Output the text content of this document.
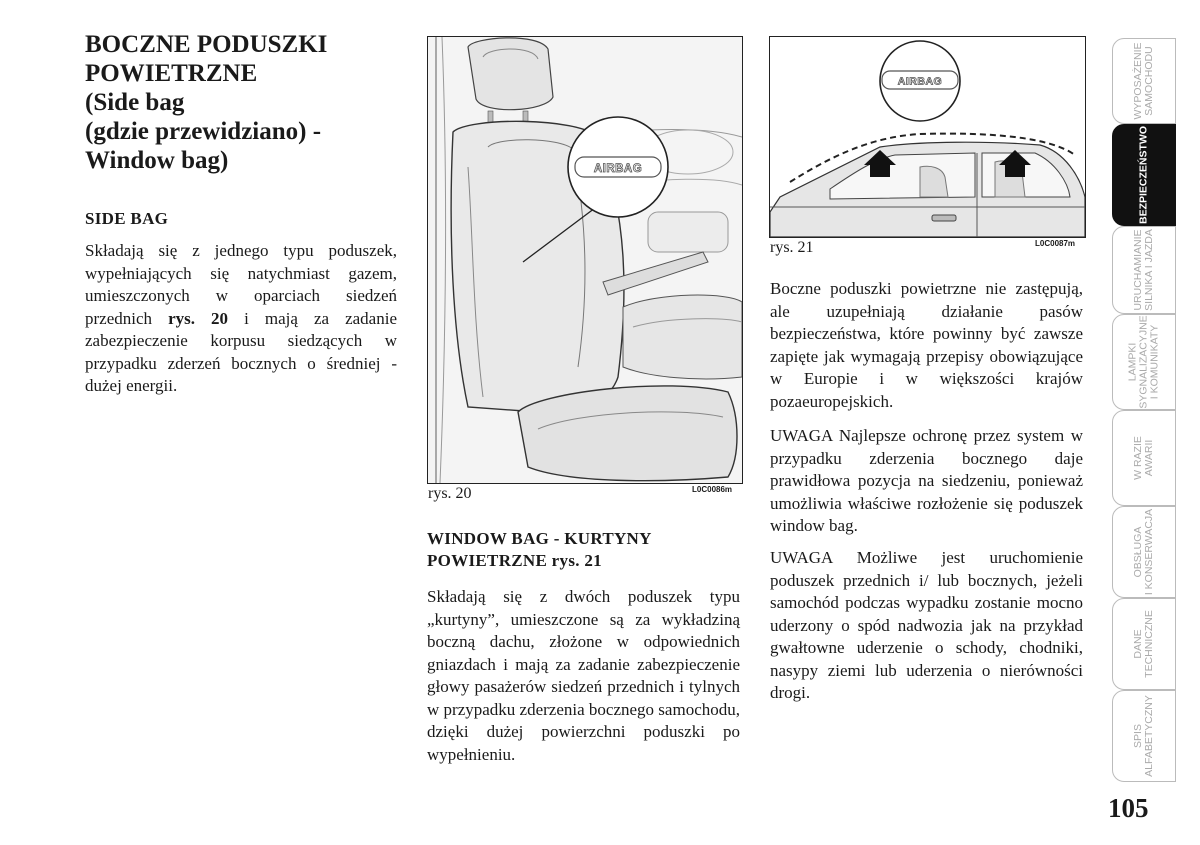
BOCZNE PODUSZKI
POWIETRZNE
(Side bag
(gdzie przewidziano) -
Window bag)
SIDE BAG

Składają się z jednego typu poduszek, wypełniających się natychmiast gazem, umieszczonych w oparciach siedzeń przednich rys. 20 i mają za zadanie zabezpieczenie korpusu siedzących w przypadku zderzeń bocznych o średniej - dużej energii.

AIRBAG
rys. 20	L0C0086m
WINDOW BAG - KURTYNY
POWIETRZNE rys. 21

Składają się z dwóch poduszek typu „kurtyny”, umieszczone są za wykładziną boczną dachu, złożone w odpowiednich gniazdach i mają za zadanie zabezpieczenie głowy pasażerów siedzeń przednich i tylnych w przypadku zderzenia bocznego samochodu, dzięki dużej powierzchni poduszki po wypełnieniu.

AIRBAG
rys. 21	L0C0087m

Boczne poduszki powietrzne nie zastępują, ale uzupełniają działanie pasów bezpieczeństwa, które powinny być zawsze zapięte jak wymagają przepisy obowiązujące w Europie i w większości krajów pozaeuropejskich.

UWAGA Najlepsze ochronę przez system w przypadku zderzenia bocznego daje prawidłowa pozycja na siedzeniu, ponieważ umożliwia właściwe rozłożenie się poduszek window bag.

UWAGA Możliwe jest uruchomienie poduszek przednich i/ lub bocznych, jeżeli samochód podczas wypadku zostanie mocno uderzony o spód nadwozia jak na przykład gwałtowne uderzenie o schody, chodniki, nasypy ziemi lub uderzenia o nierówności drogi.

WYPOSAŻENIE SAMOCHODU
BEZPIECZEŃSTWO
URUCHAMIANIE SILNIKA I JAZDA
LAMPKI SYGNALIZACYJNE I KOMUNIKATY
W RAZIE AWARII
OBSŁUGA I KONSERWACJA
DANE TECHNICZNE
SPIS ALFABETYCZNY
105
